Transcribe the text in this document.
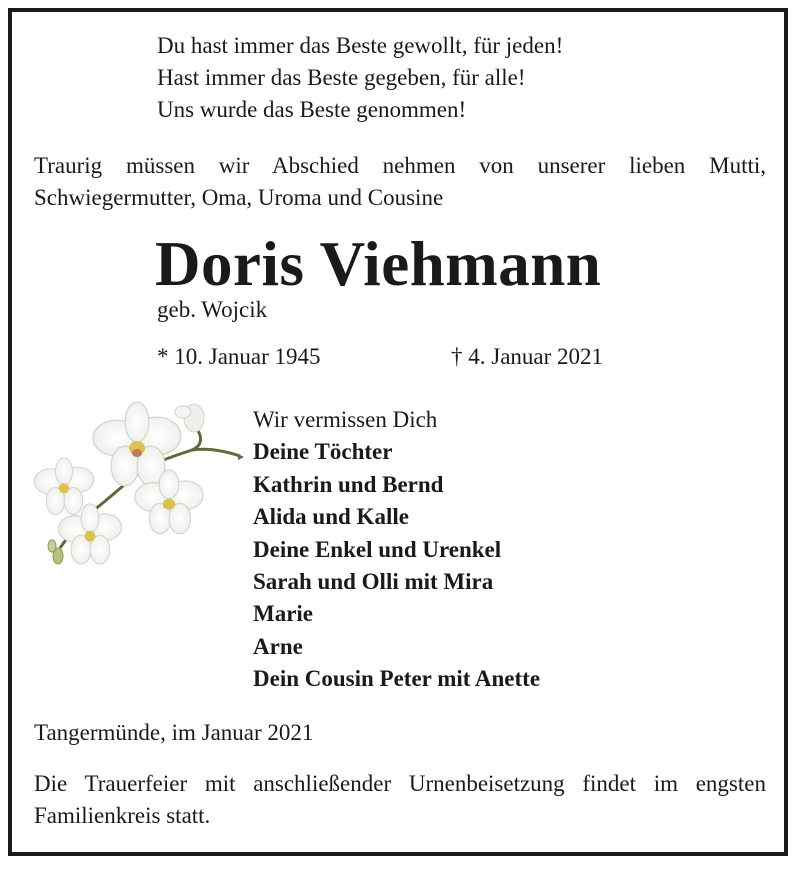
Du hast immer das Beste gewollt, für jeden!
Hast immer das Beste gegeben, für alle!
Uns wurde das Beste genommen!
Traurig müssen wir Abschied nehmen von unserer lieben Mutti, Schwiegermutter, Oma, Uroma und Cousine
Doris Viehmann
geb. Wojcik
* 10. Januar 1945	† 4. Januar 2021
Wir vermissen Dich
Deine Töchter
Kathrin und Bernd
Alida und Kalle
Deine Enkel und Urenkel
Sarah und Olli mit Mira
Marie
Arne
Dein Cousin Peter mit Anette
Tangermünde, im Januar 2021
Die Trauerfeier mit anschließender Urnenbeisetzung findet im engsten Familienkreis statt.
